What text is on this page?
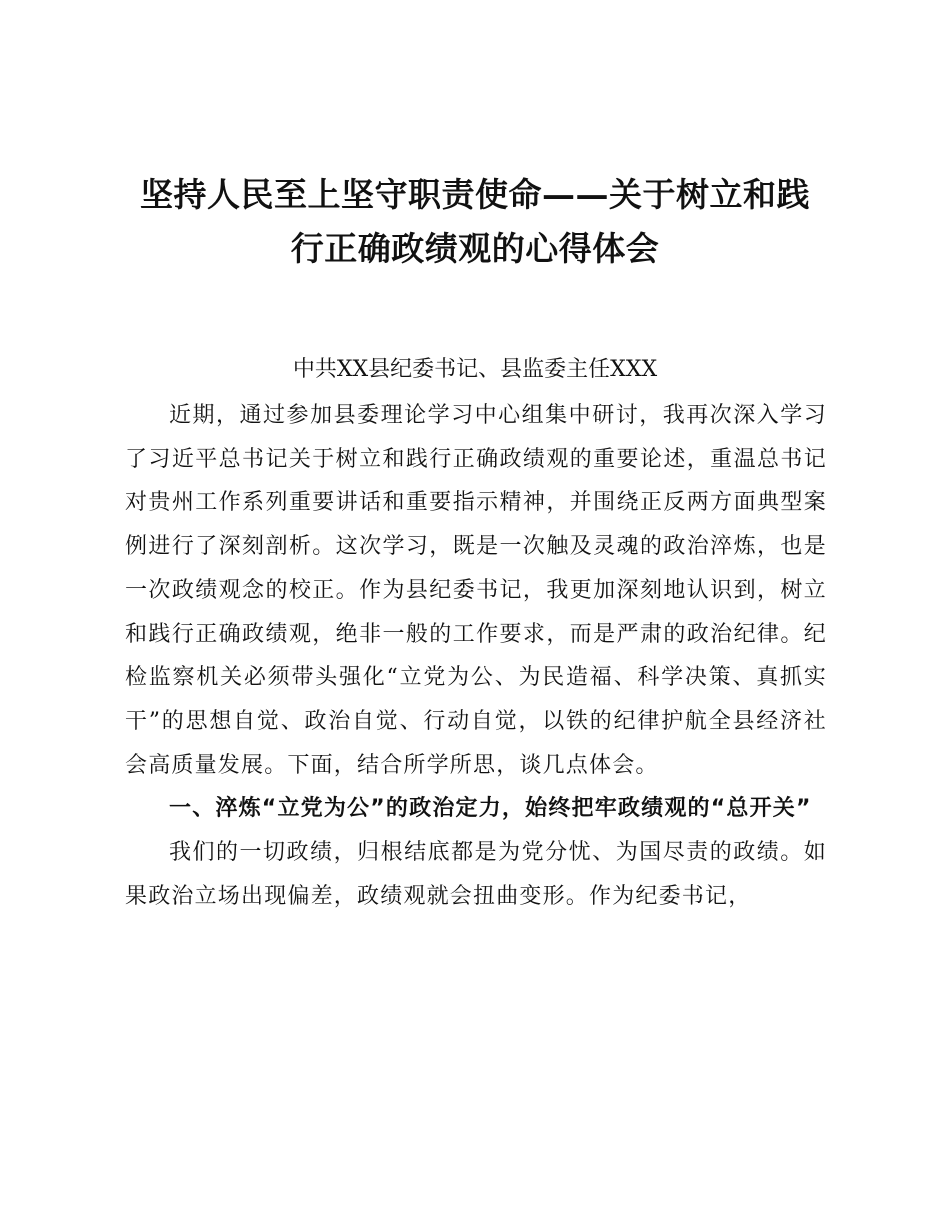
坚持人民至上坚守职责使命——关于树立和践行正确政绩观的心得体会

中共XX县纪委书记、县监委主任XXX

近期，通过参加县委理论学习中心组集中研讨，我再次深入学习了习近平总书记关于树立和践行正确政绩观的重要论述，重温总书记对贵州工作系列重要讲话和重要指示精神，并围绕正反两方面典型案例进行了深刻剖析。这次学习，既是一次触及灵魂的政治淬炼，也是一次政绩观念的校正。作为县纪委书记，我更加深刻地认识到，树立和践行正确政绩观，绝非一般的工作要求，而是严肃的政治纪律。纪检监察机关必须带头强化“立党为公、为民造福、科学决策、真抓实干”的思想自觉、政治自觉、行动自觉，以铁的纪律护航全县经济社会高质量发展。下面，结合所学所思，谈几点体会。

一、淬炼“立党为公”的政治定力，始终把牢政绩观的“总开关”

我们的一切政绩，归根结底都是为党分忧、为国尽责的政绩。如果政治立场出现偏差，政绩观就会扭曲变形。作为纪委书记，
